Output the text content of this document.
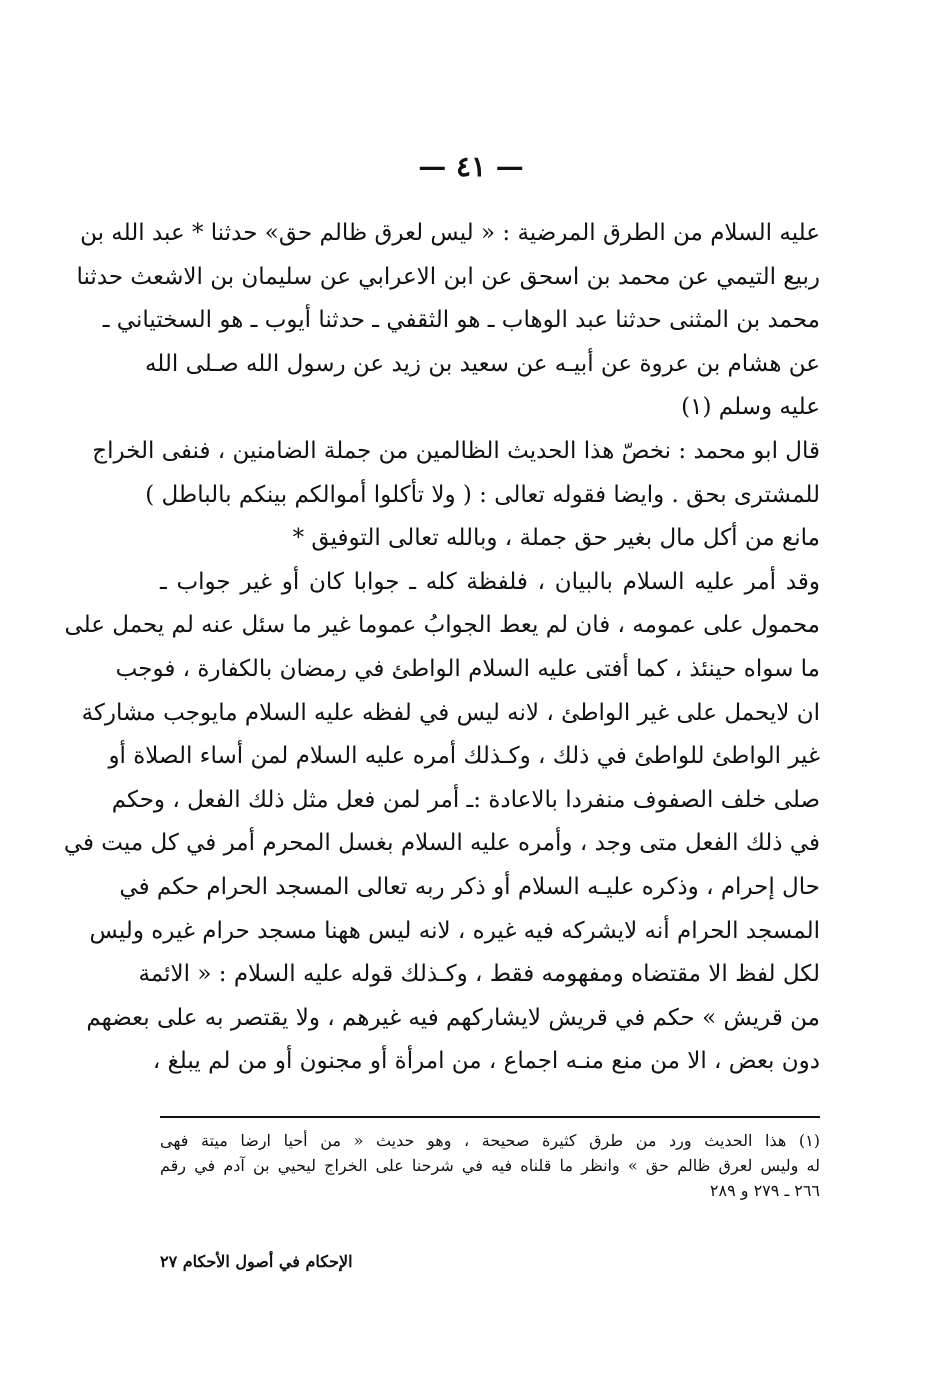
— ٤١ —
عليه السلام من الطرق المرضية : « ليس لعرق ظالم حق» حدثنا * عبد الله بن
ربيع التيمي عن محمد بن اسحق عن ابن الاعرابي عن سليمان بن الاشعث حدثنا
محمد بن المثنى حدثنا عبد الوهاب ـ هو الثقفي ـ حدثنا أيوب ـ هو السختياني ـ
عن هشام بن عروة عن أبيـه عن سعيد بن زيد عن رسول الله صـلى الله
عليه وسلم (١)
قال ابو محمد : نخصّ هذا الحديث الظالمين من جملة الضامنين ، فنفى الخراج
للمشترى بحق . وايضا فقوله تعالى : ( ولا تأكلوا أموالكم بينكم بالباطل )
مانع من أكل مال بغير حق جملة ، وبالله تعالى التوفيق *
وقد أمر عليه السلام بالبيان ، فلفظة كله ـ جوابا كان أو غير جواب ـ
محمول على عمومه ، فان لم يعط الجوابُ عموما غير ما سئل عنه لم يحمل على
ما سواه حينئذ ، كما أفتى عليه السلام الواطئ في رمضان بالكفارة ، فوجب
ان لايحمل على غير الواطئ ، لانه ليس في لفظه عليه السلام مايوجب مشاركة
غير الواطئ للواطئ في ذلك ، وكـذلك أمره عليه السلام لمن أساء الصلاة أو
صلى خلف الصفوف منفردا بالاعادة :ـ أمر لمن فعل مثل ذلك الفعل ، وحكم
في ذلك الفعل متى وجد ، وأمره عليه السلام بغسل المحرم أمر في كل ميت في
حال إحرام ، وذكره عليـه السلام أو ذكر ربه تعالى المسجد الحرام حكم في
المسجد الحرام أنه لايشركه فيه غيره ، لانه ليس ههنا مسجد حرام غيره وليس
لكل لفظ الا مقتضاه ومفهومه فقط ، وكـذلك قوله عليه السلام : « الائمة
من قريش » حكم في قريش لايشاركهم فيه غيرهم ، ولا يقتصر به على بعضهم
دون بعض ، الا من منع منـه اجماع ، من امرأة أو مجنون أو من لم يبلغ ،
(١) هذا الحديث ورد من طرق كثيرة صحيحة ، وهو حديث « من أحيا ارضا ميتة فهى
له وليس لعرق ظالم حق » وانظر ما قلناه فيه في شرحنا على الخراج ليحيي بن آدم في رقم
٢٦٦ ـ ٢٧٩ و ٢٨٩
الإحكام في أصول الأحكام ٢٧
